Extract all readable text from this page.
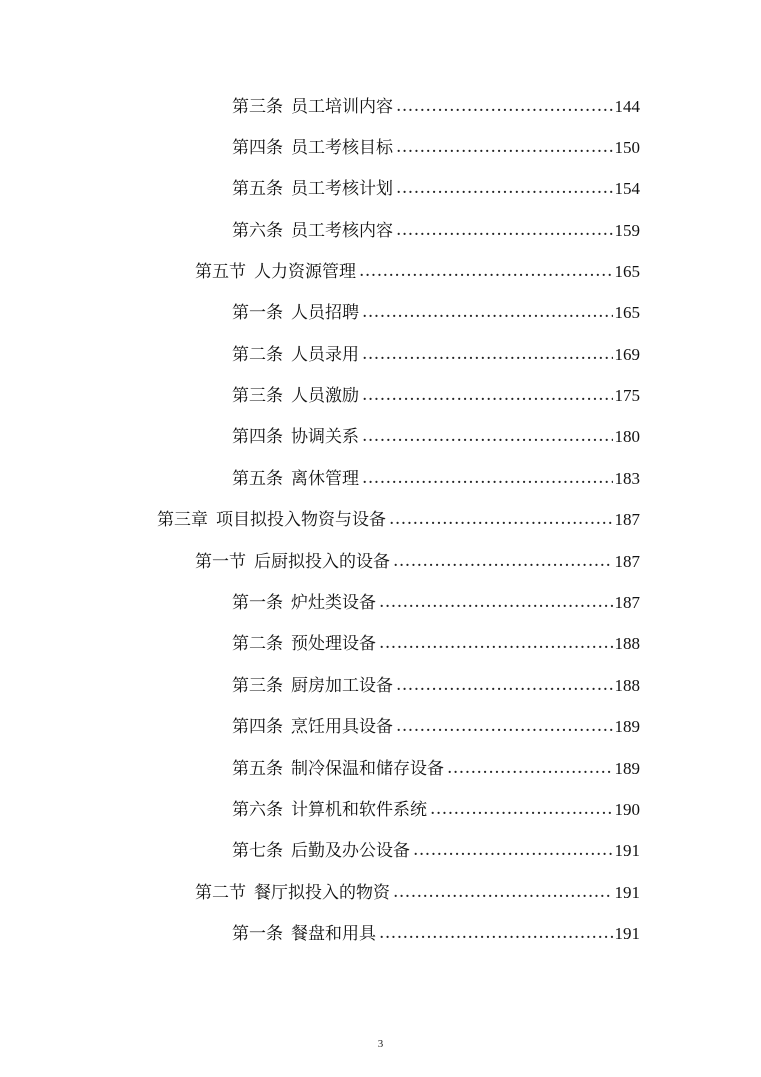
第三条 员工培训内容 .....	144
第四条 员工考核目标 .....	150
第五条 员工考核计划 .....	154
第六条 员工考核内容 .....	159
第五节 人力资源管理 .....	165
第一条 人员招聘 .....	165
第二条 人员录用 .....	169
第三条 人员激励 .....	175
第四条 协调关系 .....	180
第五条 离休管理 .....	183
第三章 项目拟投入物资与设备 .....	187
第一节 后厨拟投入的设备 .....	187
第一条 炉灶类设备 .....	187
第二条 预处理设备 .....	188
第三条 厨房加工设备 .....	188
第四条 烹饪用具设备 .....	189
第五条 制冷保温和储存设备 .....	189
第六条 计算机和软件系统 .....	190
第七条 后勤及办公设备 .....	191
第二节 餐厅拟投入的物资 .....	191
第一条 餐盘和用具 .....	191
3
